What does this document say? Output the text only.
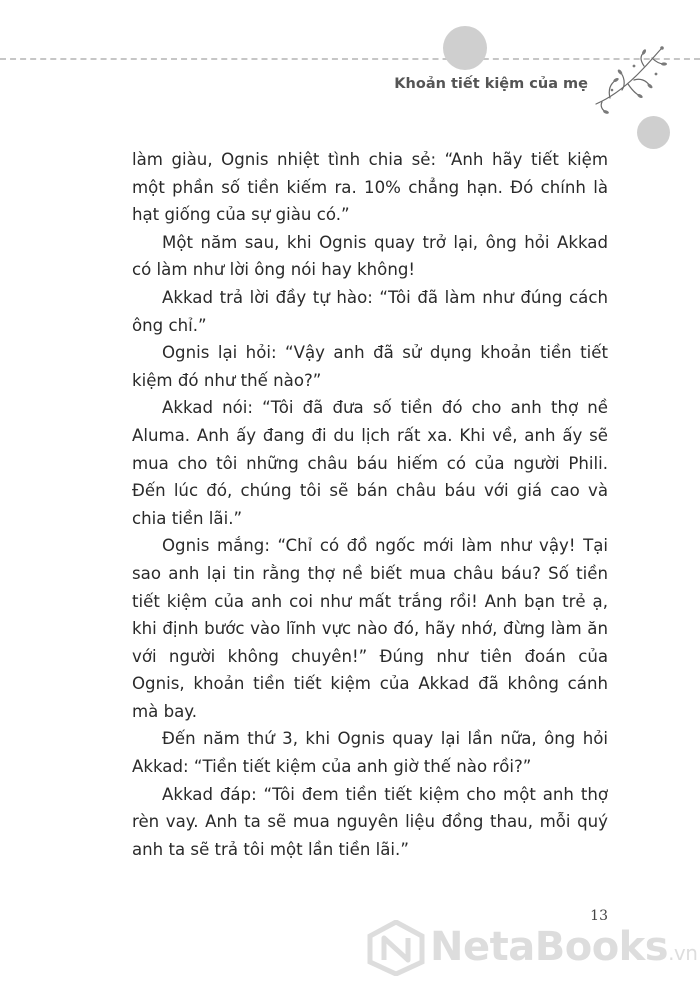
Khoản tiết kiệm của mẹ

làm giàu, Ognis nhiệt tình chia sẻ: “Anh hãy tiết kiệm một phần số tiền kiếm ra. 10% chẳng hạn. Đó chính là hạt giống của sự giàu có.”

Một năm sau, khi Ognis quay trở lại, ông hỏi Akkad có làm như lời ông nói hay không!

Akkad trả lời đầy tự hào: “Tôi đã làm như đúng cách ông chỉ.”

Ognis lại hỏi: “Vậy anh đã sử dụng khoản tiền tiết kiệm đó như thế nào?”

Akkad nói: “Tôi đã đưa số tiền đó cho anh thợ nề Aluma. Anh ấy đang đi du lịch rất xa. Khi về, anh ấy sẽ mua cho tôi những châu báu hiếm có của người Phili. Đến lúc đó, chúng tôi sẽ bán châu báu với giá cao và chia tiền lãi.”

Ognis mắng: “Chỉ có đồ ngốc mới làm như vậy! Tại sao anh lại tin rằng thợ nề biết mua châu báu? Số tiền tiết kiệm của anh coi như mất trắng rồi! Anh bạn trẻ ạ, khi định bước vào lĩnh vực nào đó, hãy nhớ, đừng làm ăn với người không chuyên!” Đúng như tiên đoán của Ognis, khoản tiền tiết kiệm của Akkad đã không cánh mà bay.

Đến năm thứ 3, khi Ognis quay lại lần nữa, ông hỏi Akkad: “Tiền tiết kiệm của anh giờ thế nào rồi?”

Akkad đáp: “Tôi đem tiền tiết kiệm cho một anh thợ rèn vay. Anh ta sẽ mua nguyên liệu đồng thau, mỗi quý anh ta sẽ trả tôi một lần tiền lãi.”

13
NetaBooks.vn
